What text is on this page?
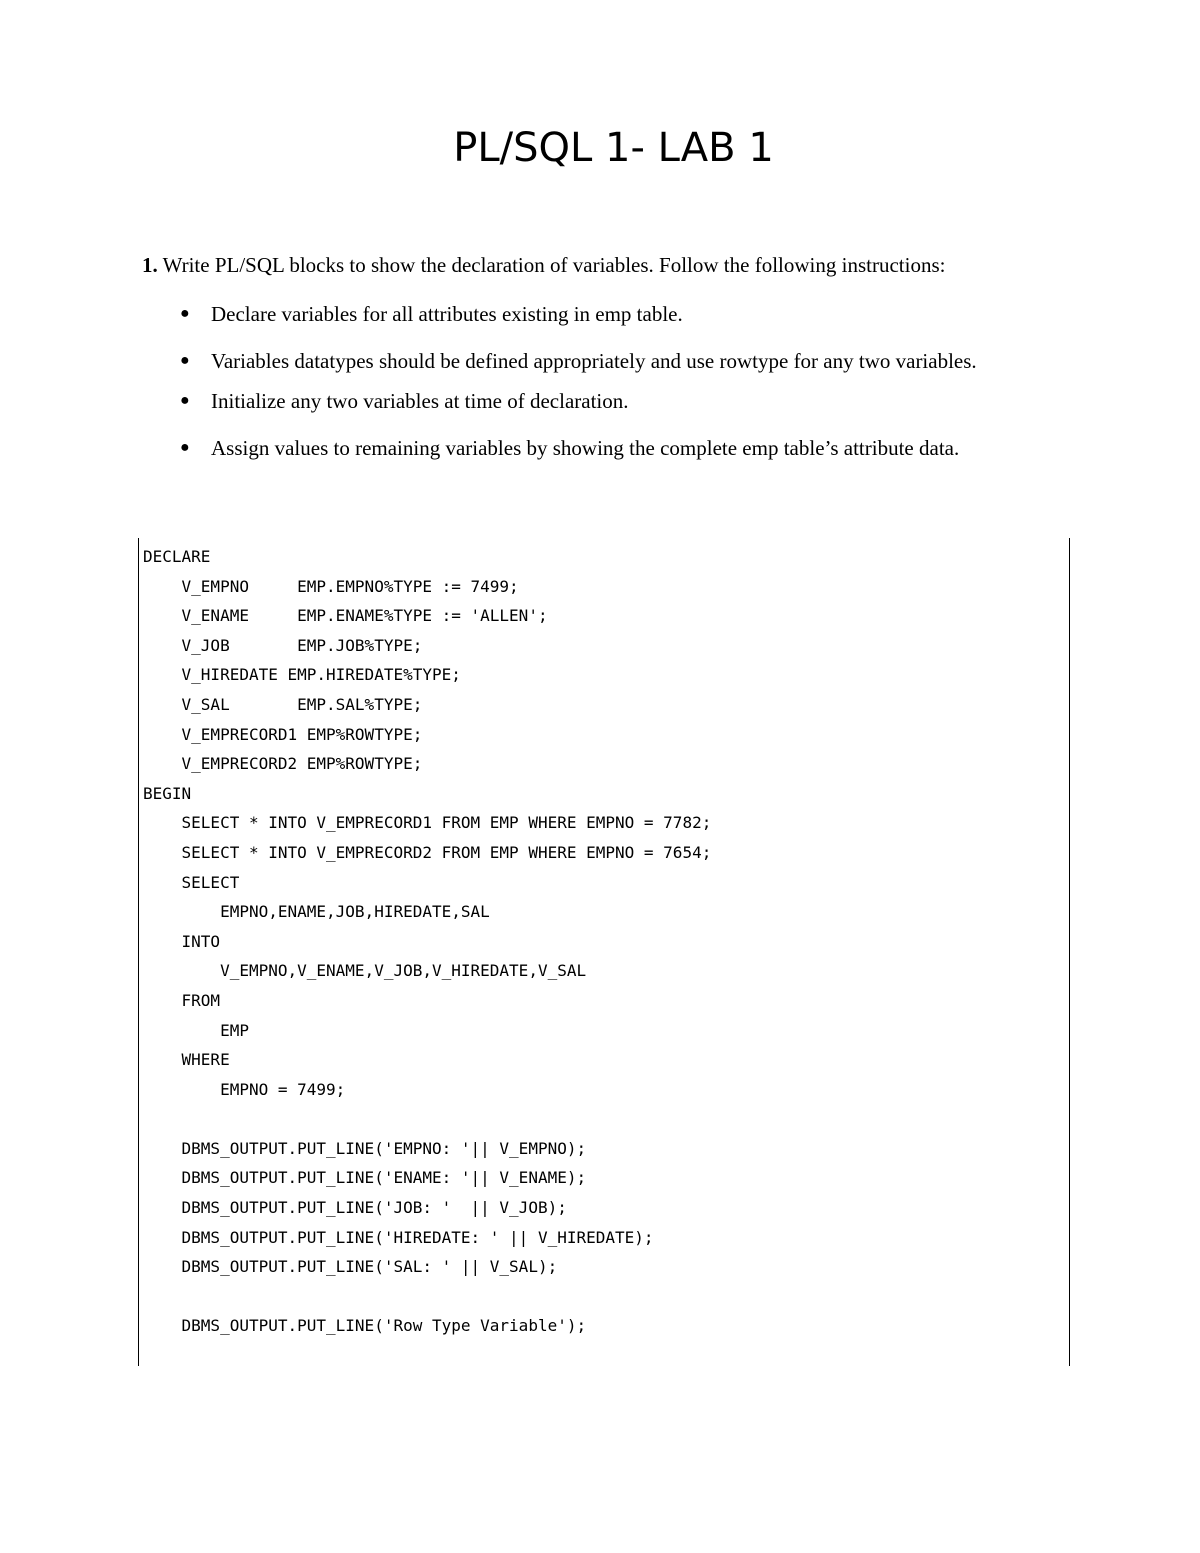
PL/SQL 1- LAB 1
1. Write PL/SQL blocks to show the declaration of variables. Follow the following instructions:
● Declare variables for all attributes existing in emp table.
● Variables datatypes should be defined appropriately and use rowtype for any two variables.
● Initialize any two variables at time of declaration.
● Assign values to remaining variables by showing the complete emp table’s attribute data.
DECLARE
V_EMPNO     EMP.EMPNO%TYPE := 7499;
V_ENAME     EMP.ENAME%TYPE := 'ALLEN';
V_JOB       EMP.JOB%TYPE;
V_HIREDATE EMP.HIREDATE%TYPE;
V_SAL       EMP.SAL%TYPE;
V_EMPRECORD1 EMP%ROWTYPE;
V_EMPRECORD2 EMP%ROWTYPE;
BEGIN
SELECT * INTO V_EMPRECORD1 FROM EMP WHERE EMPNO = 7782;
SELECT * INTO V_EMPRECORD2 FROM EMP WHERE EMPNO = 7654;
SELECT
EMPNO,ENAME,JOB,HIREDATE,SAL
INTO
V_EMPNO,V_ENAME,V_JOB,V_HIREDATE,V_SAL
FROM
EMP
WHERE
EMPNO = 7499;
DBMS_OUTPUT.PUT_LINE('EMPNO: '|| V_EMPNO);
DBMS_OUTPUT.PUT_LINE('ENAME: '|| V_ENAME);
DBMS_OUTPUT.PUT_LINE('JOB: '  || V_JOB);
DBMS_OUTPUT.PUT_LINE('HIREDATE: ' || V_HIREDATE);
DBMS_OUTPUT.PUT_LINE('SAL: ' || V_SAL);
DBMS_OUTPUT.PUT_LINE('Row Type Variable');
